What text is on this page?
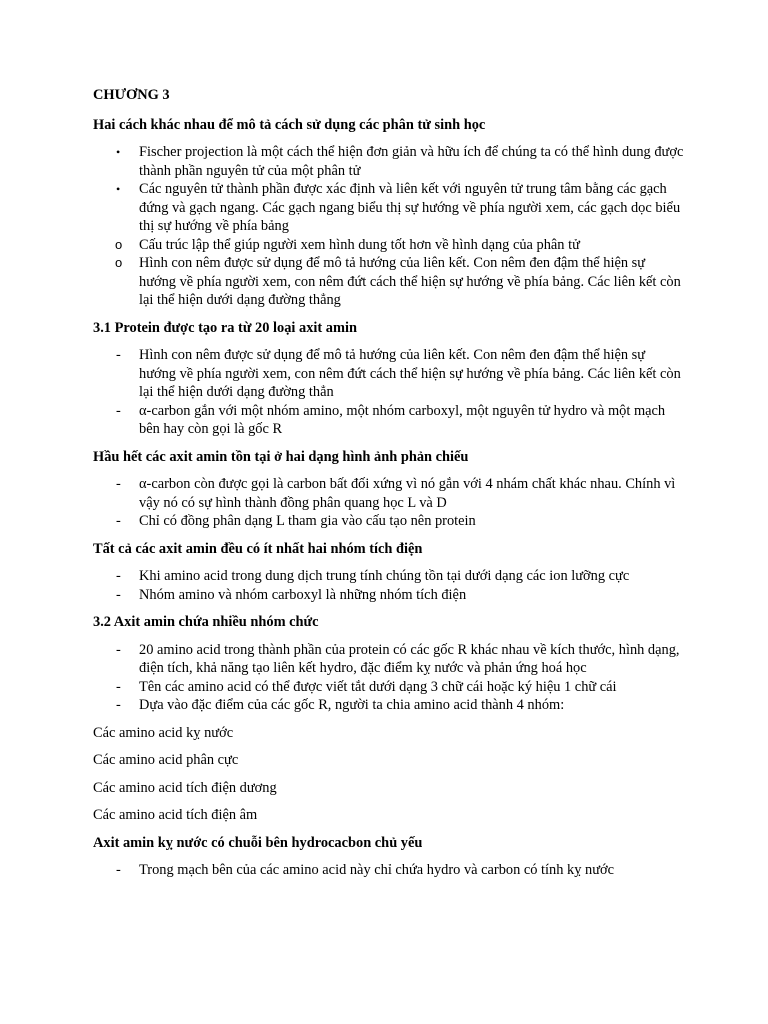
CHƯƠNG 3
Hai cách khác nhau để mô tả cách sử dụng các phân tử sinh học
•	Fischer projection là một cách thể hiện đơn giản và hữu ích để chúng ta có thể hình dung được thành phần nguyên tử của một phân tử
•	Các nguyên tử thành phần được xác định và liên kết với nguyên tử trung tâm bằng các gạch đứng và gạch ngang. Các gạch ngang biểu thị sự hướng về phía người xem, các gạch dọc biểu thị sự hướng về phía bảng
o	Cấu trúc lập thể giúp người xem hình dung tốt hơn về hình dạng của phân tử
o	Hình con nêm được sử dụng để mô tả hướng của liên kết. Con nêm đen đậm thể hiện sự hướng về phía người xem, con nêm đứt cách thể hiện sự hướng về phía bảng. Các liên kết còn lại thể hiện dưới dạng đường thẳng
3.1 Protein được tạo ra từ 20 loại axit amin
-	Hình con nêm được sử dụng để mô tả hướng của liên kết. Con nêm đen đậm thể hiện sự hướng về phía người xem, con nêm đứt cách thể hiện sự hướng về phía bảng. Các liên kết còn lại thể hiện dưới dạng đường thẳn
-	α-carbon gắn với một nhóm amino, một nhóm carboxyl, một nguyên tử hydro và một mạch bên hay còn gọi là gốc R
Hầu hết các axit amin tồn tại ở hai dạng hình ảnh phản chiếu
-	α-carbon còn được gọi là carbon bất đối xứng vì nó gắn với 4 nhám chất khác nhau. Chính vì vậy nó có sự hình thành đồng phân quang học L và D
-	Chỉ có đồng phân dạng L tham gia vào cấu tạo nên protein
Tất cả các axit amin đều có ít nhất hai nhóm tích điện
-	Khi amino acid trong dung dịch trung tính chúng tồn tại dưới dạng các ion lưỡng cực
-	Nhóm amino và nhóm carboxyl là những nhóm tích điện
3.2 Axit amin chứa nhiều nhóm chức
-	20 amino acid trong thành phần của protein có các gốc R khác nhau về kích thước, hình dạng, điện tích, khả năng tạo liên kết hydro, đặc điểm kỵ nước và phản ứng hoá học
-	Tên các amino acid có thể được viết tắt dưới dạng 3 chữ cái hoặc ký hiệu 1 chữ cái
-	Dựa vào đặc điểm của các gốc R, người ta chia amino acid thành 4 nhóm:

Các amino acid kỵ nước

Các amino acid phân cực

Các amino acid tích điện dương

Các amino acid tích điện âm

Axit amin kỵ nước có chuỗi bên hydrocacbon chủ yếu
-	Trong mạch bên của các amino acid này chỉ chứa hydro và carbon có tính kỵ nước
